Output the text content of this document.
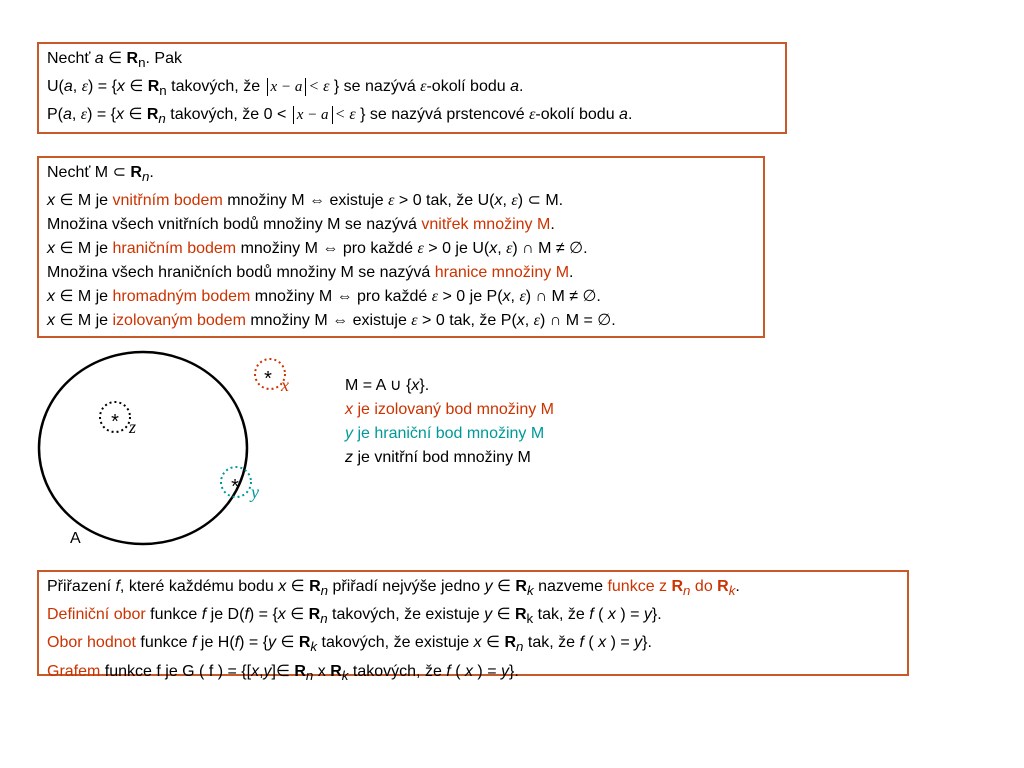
Nechť a ∈ $R_n$. Pak
U(a, ε) = {x ∈ $R_n$ takových, že x − a < ε } se nazývá ε-okolí bodu a.
P(a, ε) = {x ∈ $R_n$ takových, že 0 < x − a < ε } se nazývá prstencové ε-okolí bodu a.
Nechť M ⊂ $R_n$.
x ∈ M je vnitřním bodem množiny M ⇔ existuje ε > 0 tak, že U(x, ε) ⊂ M.
Množina všech vnitřních bodů množiny M se nazývá vnitřek množiny M.
x ∈ M je hraničním bodem množiny M ⇔ pro každé ε > 0 je U(x, ε) ∩ M ≠ ∅.
Množina všech hraničních bodů množiny M se nazývá hranice množiny M.
x ∈ M je hromadným bodem množiny M ⇔ pro každé ε > 0 je P(x, ε) ∩ M ≠ ∅.
x ∈ M je izolovaným bodem množiny M ⇔ existuje ε > 0 tak, že P(x, ε) ∩ M = ∅.
*
*
*
z
x
y
A
M = A ∪ {x}.
x je izolovaný bod množiny M
y je hraniční bod množiny M
z je vnitřní bod množiny M
Přiřazení f, které každému bodu x ∈ $R_n$ přiřadí nejvýše jedno y ∈ $R_k$ nazveme funkce z $R_n$ do $R_k$.
Definiční obor funkce f je D(f) = {x ∈ $R_n$ takových, že existuje y ∈ $R_k$ tak, že f ( x ) = y}.
Obor hodnot funkce f je H(f) = {y ∈ $R_k$ takových, že existuje x ∈ $R_n$ tak, že f ( x ) = y}.
Grafem funkce f je G ( f ) = {[x,y]∈ $R_n$ x $R_k$ takových, že f ( x ) = y}.
